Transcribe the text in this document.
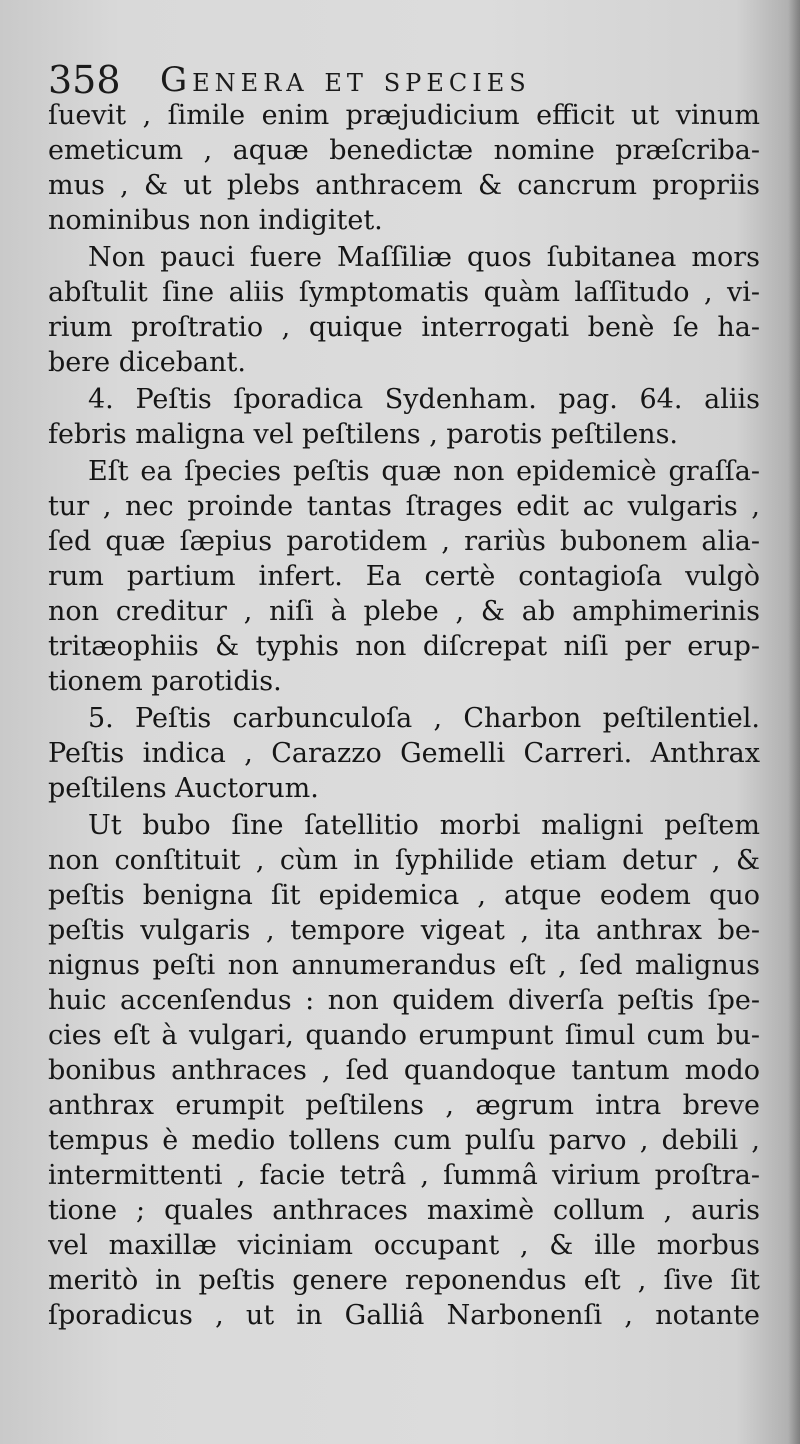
358 Genera et species
ſuevit , ſimile enim præjudicium efficit ut vinum
emeticum , aquæ benedictæ nomine præſcriba-
mus , & ut plebs anthracem & cancrum propriis
nominibus non indigitet.
Non pauci fuere Maſſiliæ quos ſubitanea mors
abſtulit ſine aliis ſymptomatis quàm laſſitudo , vi-
rium proſtratio , quique interrogati benè ſe ha-
bere dicebant.
4. Peſtis ſporadica Sydenham. pag. 64. aliis
febris maligna vel peſtilens , parotis peſtilens.
Eſt ea ſpecies peſtis quæ non epidemicè graſſa-
tur , nec proinde tantas ſtrages edit ac vulgaris ,
ſed quæ ſæpius parotidem , rariùs bubonem alia-
rum partium infert. Ea certè contagioſa vulgò
non creditur , niſi à plebe , & ab amphimerinis
tritæophiis & typhis non diſcrepat niſi per erup-
tionem parotidis.
5. Peſtis carbunculoſa , Charbon peſtilentiel.
Peſtis indica , Carazzo Gemelli Carreri. Anthrax
peſtilens Auctorum.
Ut bubo ſine ſatellitio morbi maligni peſtem
non conſtituit , cùm in ſyphilide etiam detur , &
peſtis benigna ſit epidemica , atque eodem quo
peſtis vulgaris , tempore vigeat , ita anthrax be-
nignus peſti non annumerandus eſt , ſed malignus
huic accenſendus : non quidem diverſa peſtis ſpe-
cies eſt à vulgari, quando erumpunt ſimul cum bu-
bonibus anthraces , ſed quandoque tantum modo
anthrax erumpit peſtilens , ægrum intra breve
tempus è medio tollens cum pulſu parvo , debili ,
intermittenti , facie tetrâ , ſummâ virium proſtra-
tione ; quales anthraces maximè collum , auris
vel maxillæ viciniam occupant , & ille morbus
meritò in peſtis genere reponendus eſt , ſive ſit
ſporadicus , ut in Galliâ Narbonenſi , notante
